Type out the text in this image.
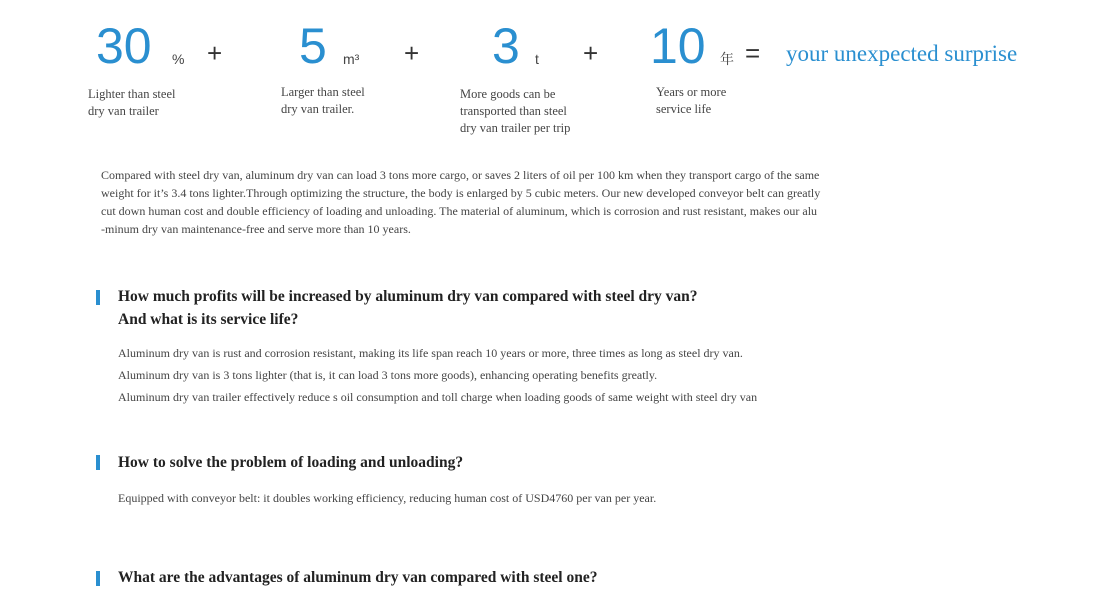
30 % + 5 m³ + 3 t + 10 年 = your unexpected surprise
Lighter than steel
dry van trailer
Larger than steel
dry van trailer.
More goods can be
transported than steel
dry van trailer per trip
Years or more
service life
Compared with steel dry van, aluminum dry van can load 3 tons more cargo, or saves 2 liters of oil per 100 km when they transport cargo of the same
weight for it’s 3.4 tons lighter.Through optimizing the structure, the body is enlarged by 5 cubic meters. Our new developed conveyor belt can greatly
cut down human cost and double efficiency of loading and unloading. The material of aluminum, which is corrosion and rust resistant, makes our alu
-minum dry van maintenance-free and serve more than 10 years.
How much profits will be increased by aluminum dry van compared with steel dry van?
And what is its service life?
Aluminum dry van is rust and corrosion resistant, making its life span reach 10 years or more, three times as long as steel dry van.
Aluminum dry van is 3 tons lighter (that is, it can load 3 tons more goods), enhancing operating benefits greatly.
Aluminum dry van trailer effectively reduce s oil consumption and toll charge when loading goods of same weight with steel dry van
How to solve the problem of loading and unloading?
Equipped with conveyor belt: it doubles working efficiency, reducing human cost of USD4760 per van per year.
What are the advantages of aluminum dry van compared with steel one?
